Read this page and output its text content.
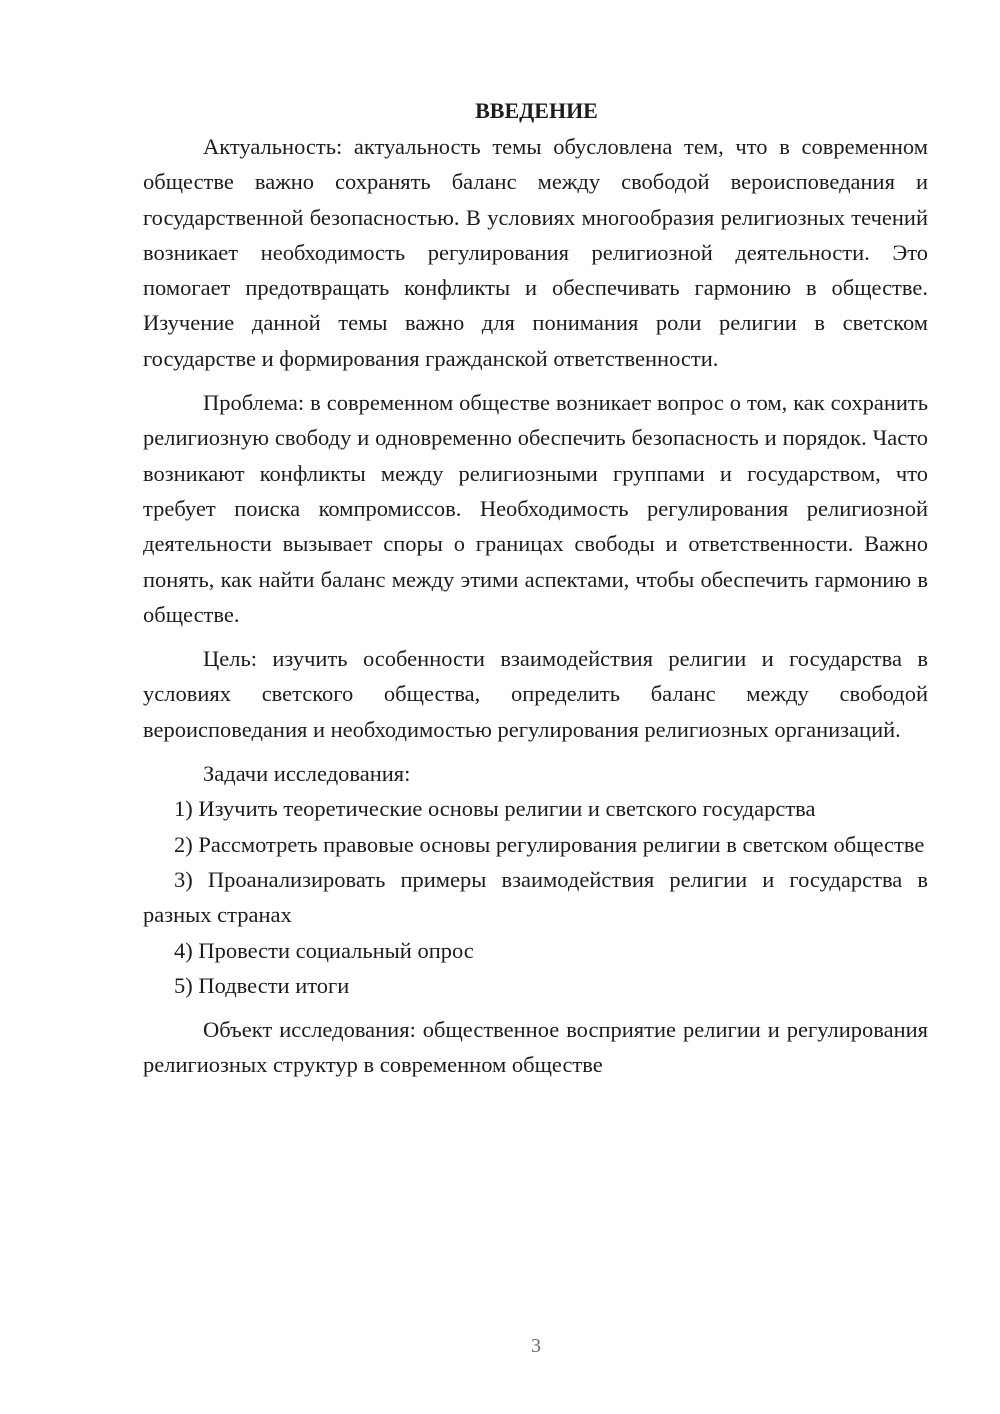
ВВЕДЕНИЕ

Актуальность: актуальность темы обусловлена тем, что в современном обществе важно сохранять баланс между свободой вероисповедания и государственной безопасностью. В условиях многообразия религиозных течений возникает необходимость регулирования религиозной деятельности. Это помогает предотвращать конфликты и обеспечивать гармонию в обществе. Изучение данной темы важно для понимания роли религии в светском государстве и формирования гражданской ответственности.

Проблема: в современном обществе возникает вопрос о том, как сохранить религиозную свободу и одновременно обеспечить безопасность и порядок. Часто возникают конфликты между религиозными группами и государством, что требует поиска компромиссов. Необходимость регулирования религиозной деятельности вызывает споры о границах свободы и ответственности. Важно понять, как найти баланс между этими аспектами, чтобы обеспечить гармонию в обществе.

Цель: изучить особенности взаимодействия религии и государства в условиях светского общества, определить баланс между свободой вероисповедания и необходимостью регулирования религиозных организаций.

Задачи исследования:

1) Изучить теоретические основы религии и светского государства

2) Рассмотреть правовые основы регулирования религии в светском обществе

3) Проанализировать примеры взаимодействия религии и государства в разных странах

4) Провести социальный опрос

5) Подвести итоги

Объект исследования: общественное восприятие религии и регулирования религиозных структур в современном обществе

3
